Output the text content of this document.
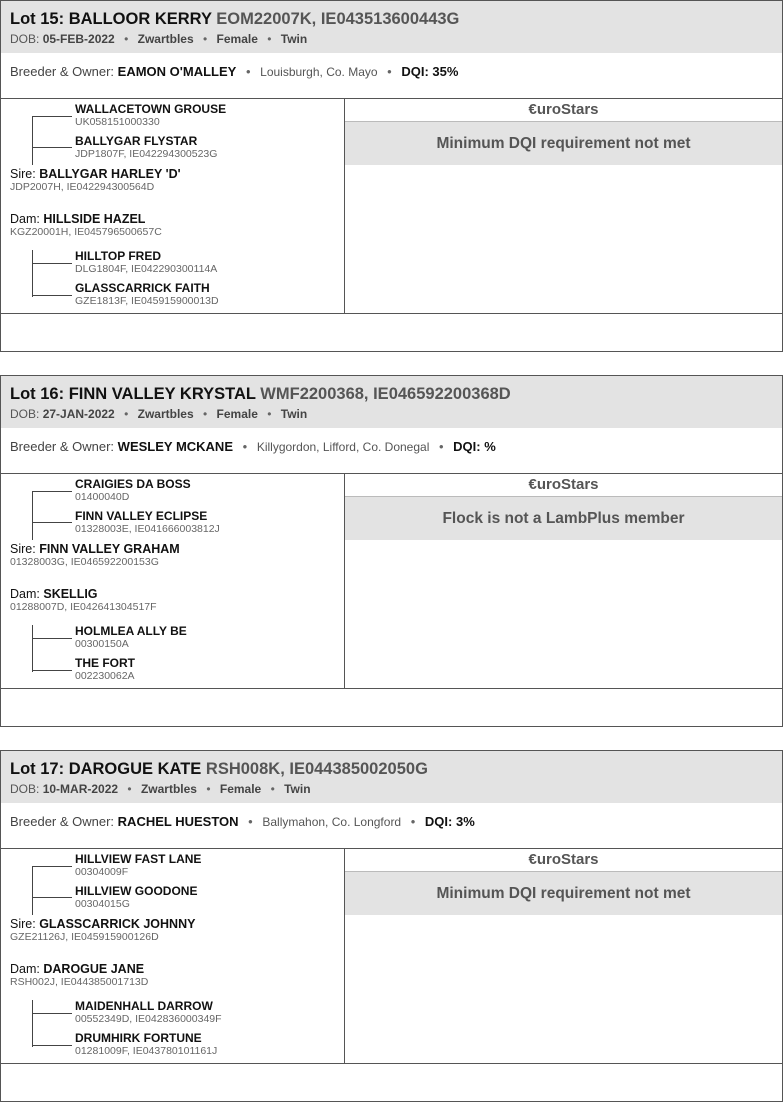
Lot 15: BALLOOR KERRY EOM22007K, IE043513600443G
DOB: 05-FEB-2022 • Zwartbles • Female • Twin
Breeder & Owner: EAMON O'MALLEY • Louisburgh, Co. Mayo • DQI: 35%
WALLACETOWN GROUSE
UK058151000330
BALLYGAR FLYSTAR
JDP1807F, IE042294300523G
Sire: BALLYGAR HARLEY 'D'
JDP2007H, IE042294300564D
Dam: HILLSIDE HAZEL
KGZ20001H, IE045796500657C
HILLTOP FRED
DLG1804F, IE042290300114A
GLASSCARRICK FAITH
GZE1813F, IE045915900013D
€uroStars
Minimum DQI requirement not met
Lot 16: FINN VALLEY KRYSTAL WMF2200368, IE046592200368D
DOB: 27-JAN-2022 • Zwartbles • Female • Twin
Breeder & Owner: WESLEY MCKANE • Killygordon, Lifford, Co. Donegal • DQI: %
CRAIGIES DA BOSS
01400040D
FINN VALLEY ECLIPSE
01328003E, IE041666003812J
Sire: FINN VALLEY GRAHAM
01328003G, IE046592200153G
Dam: SKELLIG
01288007D, IE042641304517F
HOLMLEA ALLY BE
00300150A
THE FORT
002230062A
€uroStars
Flock is not a LambPlus member
Lot 17: DAROGUE KATE RSH008K, IE044385002050G
DOB: 10-MAR-2022 • Zwartbles • Female • Twin
Breeder & Owner: RACHEL HUESTON • Ballymahon, Co. Longford • DQI: 3%
HILLVIEW FAST LANE
00304009F
HILLVIEW GOODONE
00304015G
Sire: GLASSCARRICK JOHNNY
GZE21126J, IE045915900126D
Dam: DAROGUE JANE
RSH002J, IE044385001713D
MAIDENHALL DARROW
00552349D, IE042836000349F
DRUMHIRK FORTUNE
01281009F, IE043780101161J
€uroStars
Minimum DQI requirement not met
